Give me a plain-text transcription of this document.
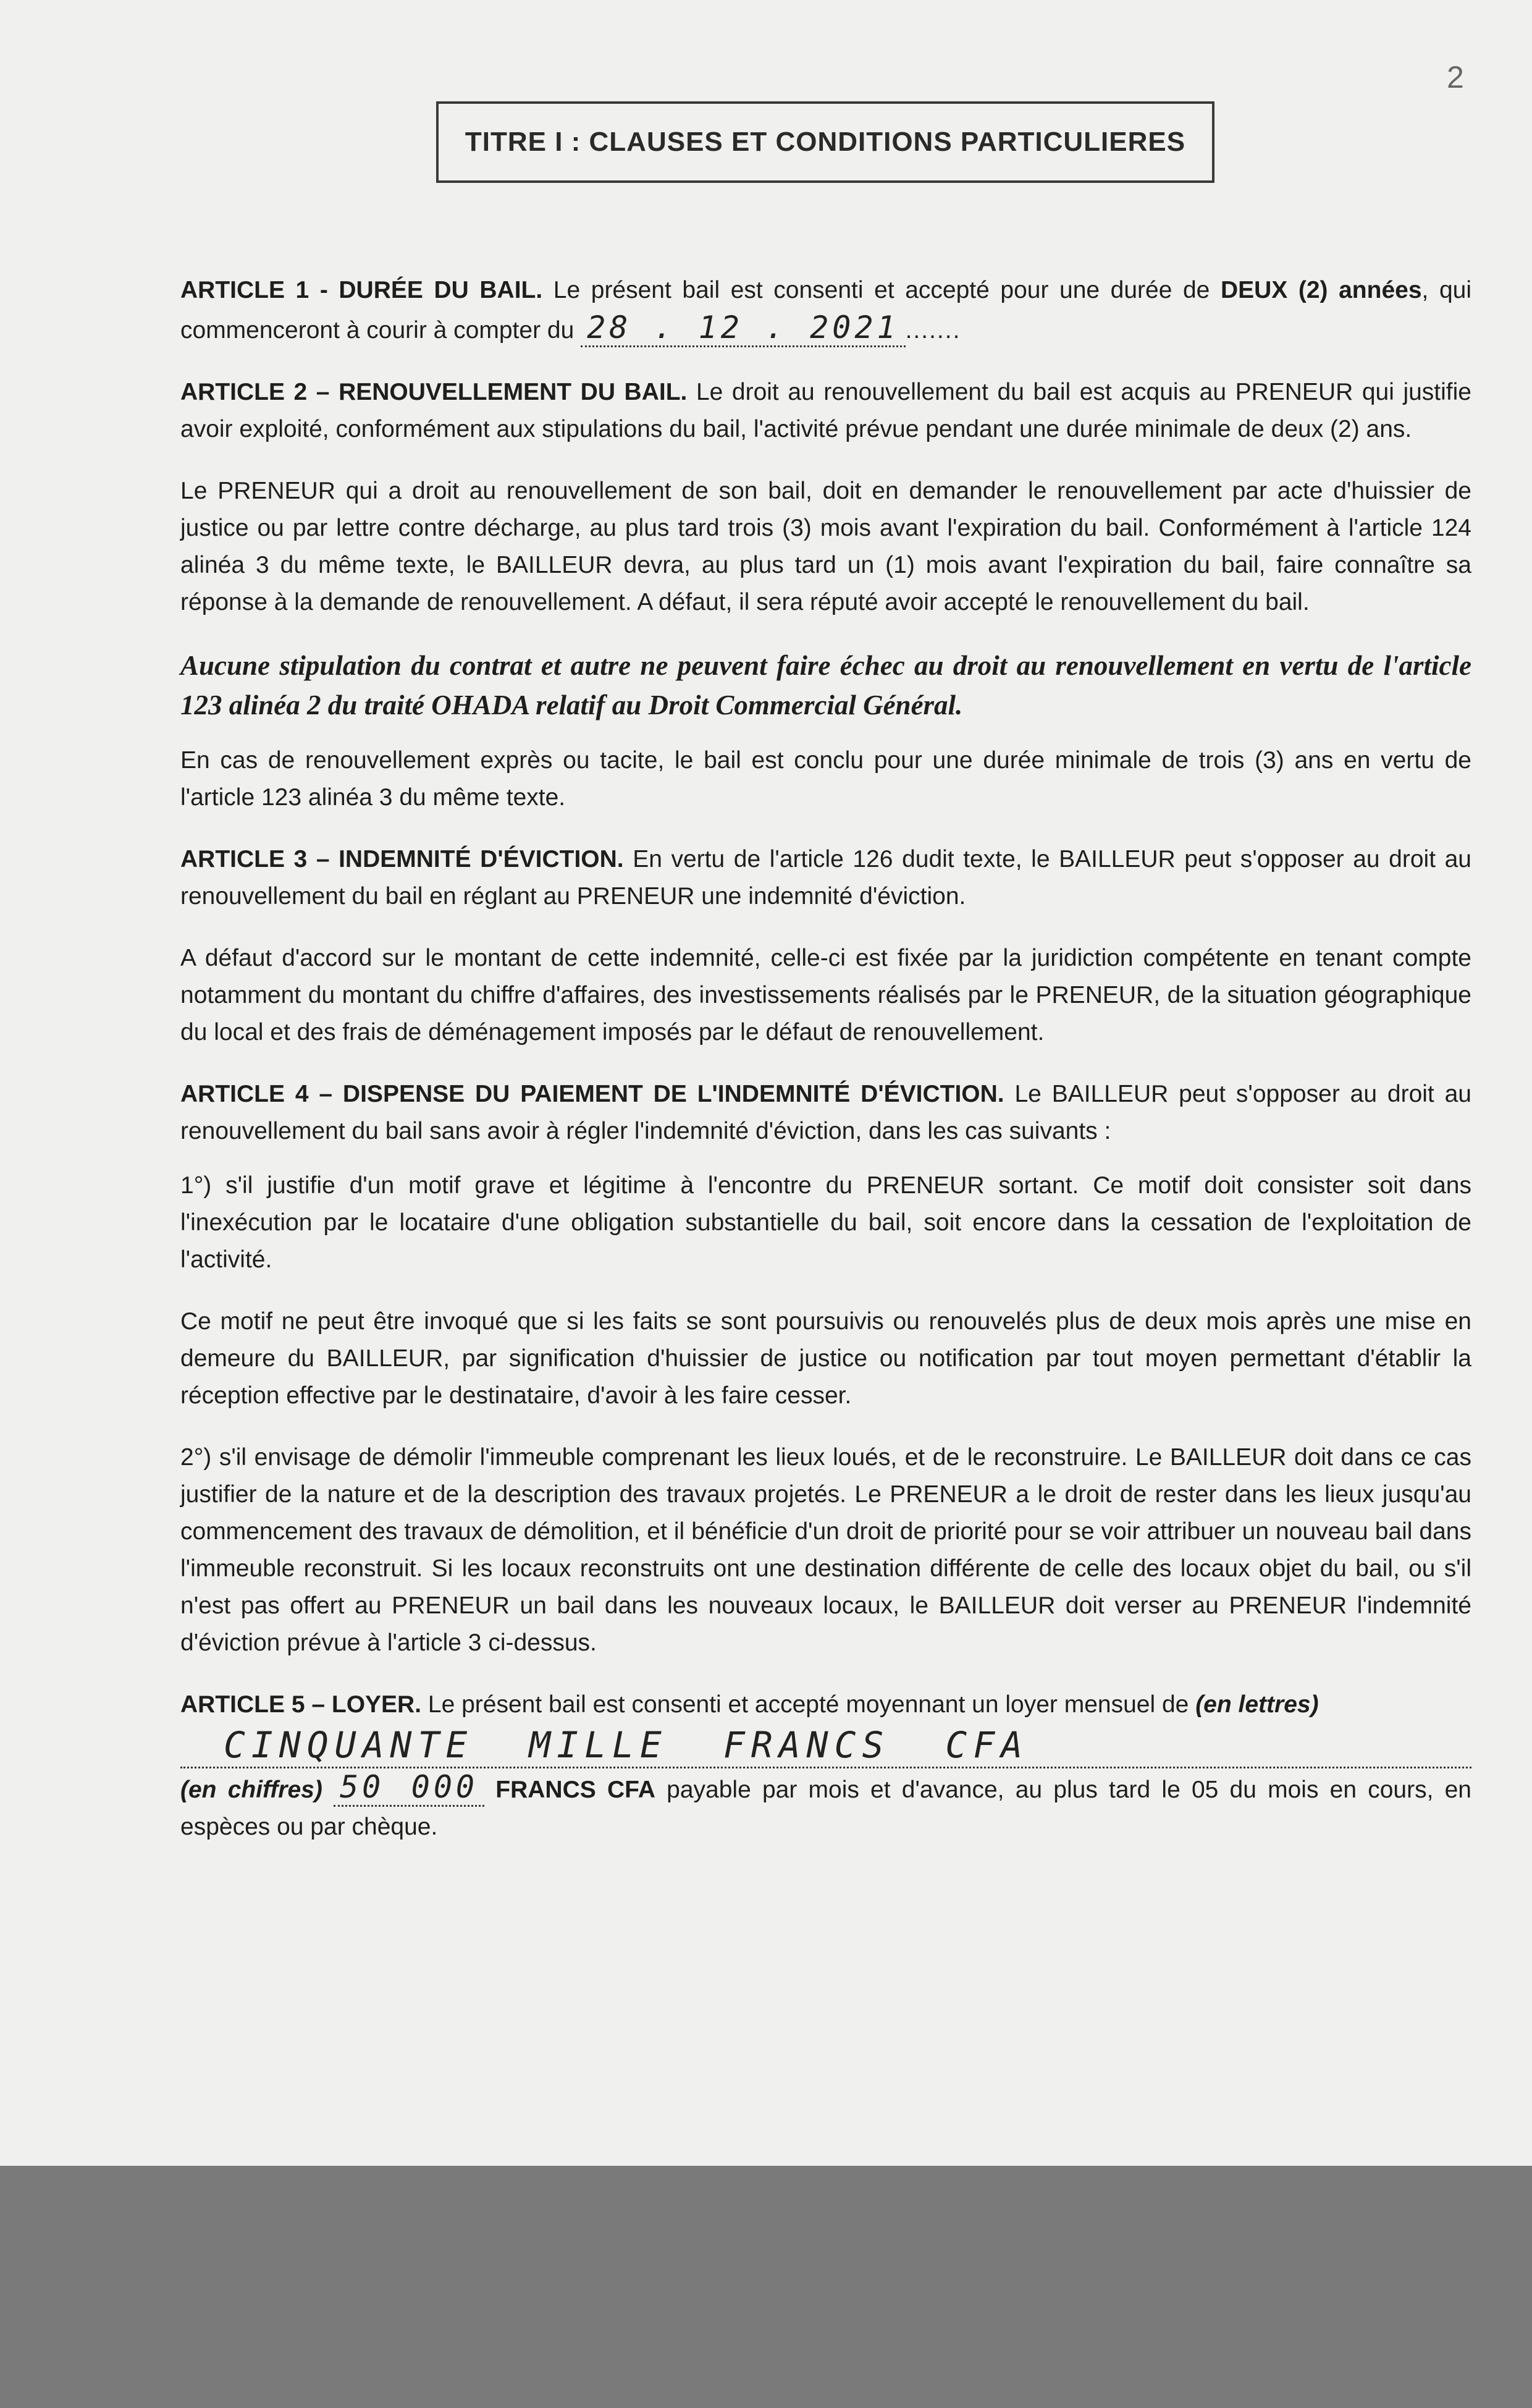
2
TITRE I : CLAUSES ET CONDITIONS PARTICULIERES

ARTICLE 1 - DURÉE DU BAIL. Le présent bail est consenti et accepté pour une durée de DEUX (2) années, qui commenceront à courir à compter du 28 . 12 . 2021 .......

ARTICLE 2 – RENOUVELLEMENT DU BAIL. Le droit au renouvellement du bail est acquis au PRENEUR qui justifie avoir exploité, conformément aux stipulations du bail, l'activité prévue pendant une durée minimale de deux (2) ans.

Le PRENEUR qui a droit au renouvellement de son bail, doit en demander le renouvellement par acte d'huissier de justice ou par lettre contre décharge, au plus tard trois (3) mois avant l'expiration du bail. Conformément à l'article 124 alinéa 3 du même texte, le BAILLEUR devra, au plus tard un (1) mois avant l'expiration du bail, faire connaître sa réponse à la demande de renouvellement. A défaut, il sera réputé avoir accepté le renouvellement du bail.

Aucune stipulation du contrat et autre ne peuvent faire échec au droit au renouvellement en vertu de l'article 123 alinéa 2 du traité OHADA relatif au Droit Commercial Général.

En cas de renouvellement exprès ou tacite, le bail est conclu pour une durée minimale de trois (3) ans en vertu de l'article 123 alinéa 3 du même texte.

ARTICLE 3 – INDEMNITÉ D'ÉVICTION. En vertu de l'article 126 dudit texte, le BAILLEUR peut s'opposer au droit au renouvellement du bail en réglant au PRENEUR une indemnité d'éviction.

A défaut d'accord sur le montant de cette indemnité, celle-ci est fixée par la juridiction compétente en tenant compte notamment du montant du chiffre d'affaires, des investissements réalisés par le PRENEUR, de la situation géographique du local et des frais de déménagement imposés par le défaut de renouvellement.

ARTICLE 4 – DISPENSE DU PAIEMENT DE L'INDEMNITÉ D'ÉVICTION. Le BAILLEUR peut s'opposer au droit au renouvellement du bail sans avoir à régler l'indemnité d'éviction, dans les cas suivants :

1°) s'il justifie d'un motif grave et légitime à l'encontre du PRENEUR sortant. Ce motif doit consister soit dans l'inexécution par le locataire d'une obligation substantielle du bail, soit encore dans la cessation de l'exploitation de l'activité.

Ce motif ne peut être invoqué que si les faits se sont poursuivis ou renouvelés plus de deux mois après une mise en demeure du BAILLEUR, par signification d'huissier de justice ou notification par tout moyen permettant d'établir la réception effective par le destinataire, d'avoir à les faire cesser.

2°) s'il envisage de démolir l'immeuble comprenant les lieux loués, et de le reconstruire. Le BAILLEUR doit dans ce cas justifier de la nature et de la description des travaux projetés. Le PRENEUR a le droit de rester dans les lieux jusqu'au commencement des travaux de démolition, et il bénéficie d'un droit de priorité pour se voir attribuer un nouveau bail dans l'immeuble reconstruit. Si les locaux reconstruits ont une destination différente de celle des locaux objet du bail, ou s'il n'est pas offert au PRENEUR un bail dans les nouveaux locaux, le BAILLEUR doit verser au PRENEUR l'indemnité d'éviction prévue à l'article 3 ci-dessus.

ARTICLE 5 – LOYER. Le présent bail est consenti et accepté moyennant un loyer mensuel de (en lettres)
CINQUANTE MILLE FRANCS CFA
(en chiffres) 50 000 FRANCS CFA payable par mois et d'avance, au plus tard le 05 du mois en cours, en espèces ou par chèque.
